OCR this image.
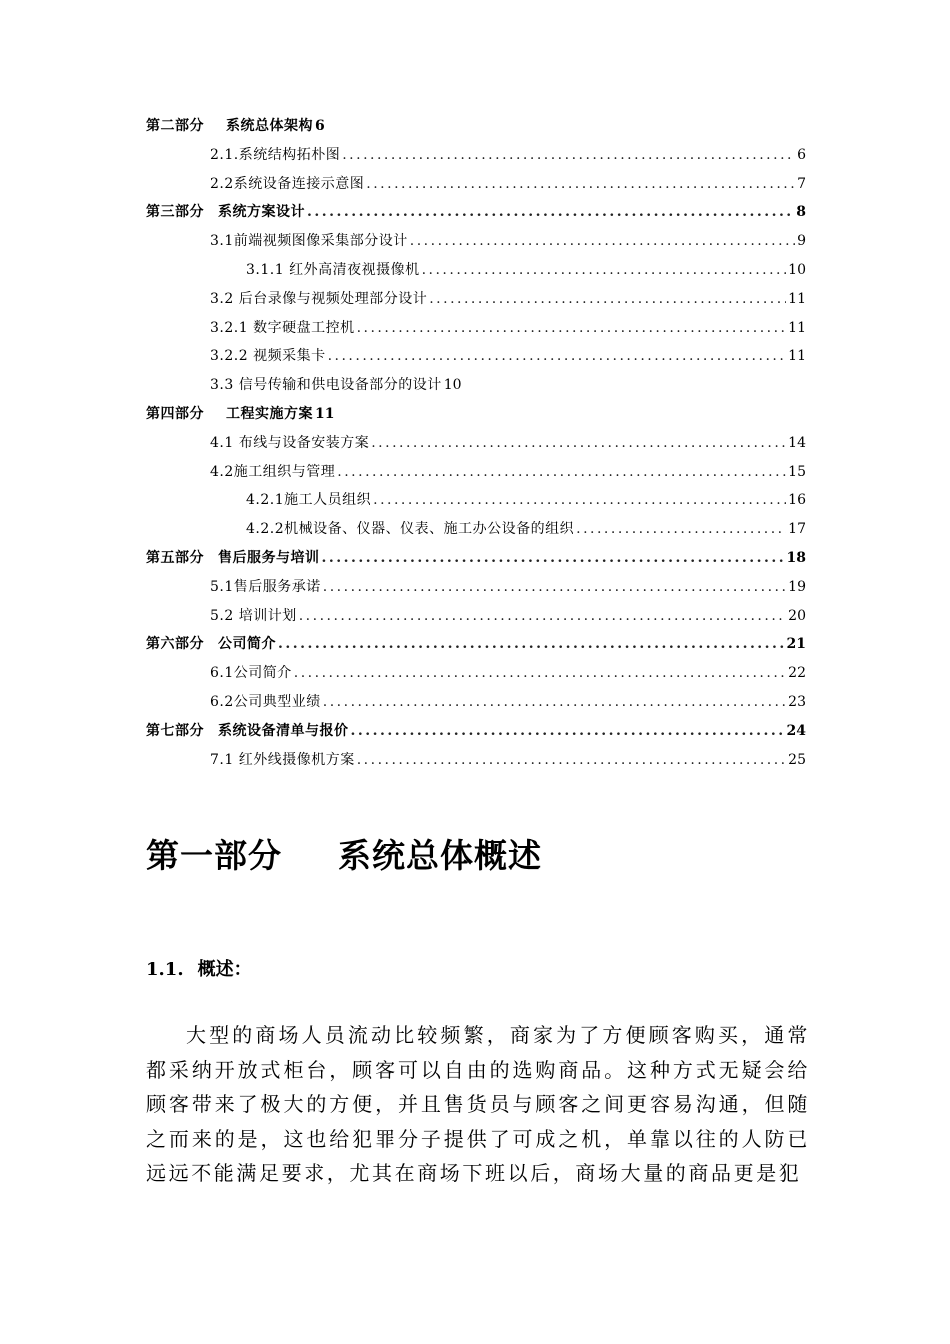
第二部分 系统总体架构 6
2.1.系统结构拓朴图 .....	6
2.2系统设备连接示意图 .....	7
第三部分 系统方案设计 .....	8
3.1前端视频图像采集部分设计 .....	9
3.1.1 红外高清夜视摄像机 .....	10
3.2 后台录像与视频处理部分设计 .....	11
3.2.1 数字硬盘工控机 .....	11
3.2.2 视频采集卡 .....	11
3.3 信号传输和供电设备部分的设计 10
第四部分 工程实施方案 11
4.1 布线与设备安装方案 .....	14
4.2施工组织与管理 .....	15
4.2.1施工人员组织 .....	16
4.2.2机械设备、仪器、仪表、施工办公设备的组织 .....	17
第五部分 售后服务与培训 .....	18
5.1售后服务承诺 .....	19
5.2 培训计划 .....	20
第六部分 公司简介 .....	21
6.1公司简介 .....	22
6.2公司典型业绩 .....	23
第七部分 系统设备清单与报价 .....	24
7.1 红外线摄像机方案 .....	25
第一部分 系统总体概述
1.1. 概述：

大型的商场人员流动比较频繁，商家为了方便顾客购买，通常都采纳开放式柜台，顾客可以自由的选购商品。这种方式无疑会给顾客带来了极大的方便，并且售货员与顾客之间更容易沟通，但随之而来的是，这也给犯罪分子提供了可成之机，单靠以往的人防已远远不能满足要求，尤其在商场下班以后，商场大量的商品更是犯
